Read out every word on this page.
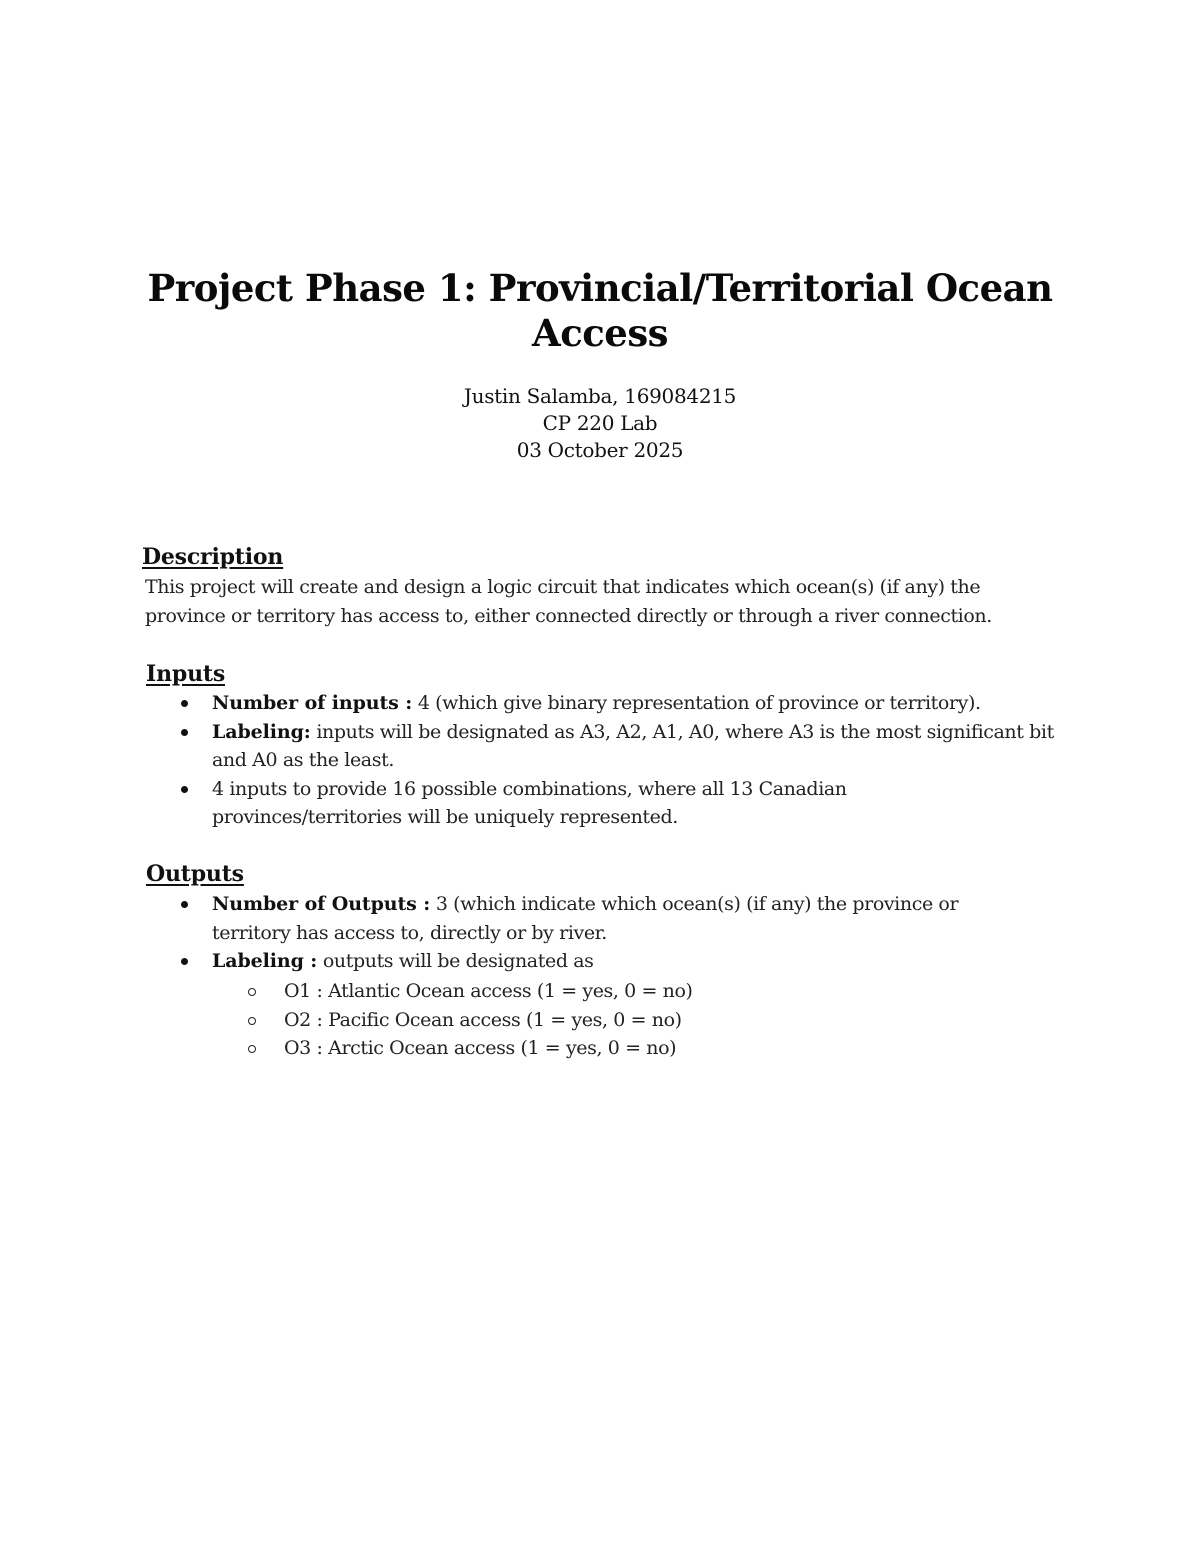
Project Phase 1: Provincial/Territorial Ocean Access
Justin Salamba, 169084215
CP 220 Lab
03 October 2025
Description

This project will create and design a logic circuit that indicates which ocean(s) (if any) the province or territory has access to, either connected directly or through a river connection.

Inputs
Number of inputs : 4 (which give binary representation of province or territory).
Labeling: inputs will be designated as A3, A2, A1, A0, where A3 is the most significant bit and A0 as the least.
4 inputs to provide 16 possible combinations, where all 13 Canadian provinces/territories will be uniquely represented.
Outputs
Number of Outputs : 3 (which indicate which ocean(s) (if any) the province or territory has access to, directly or by river.
Labeling : outputs will be designated as
O1 : Atlantic Ocean access (1 = yes, 0 = no)
O2 : Pacific Ocean access (1 = yes, 0 = no)
O3 : Arctic Ocean access (1 = yes, 0 = no)
